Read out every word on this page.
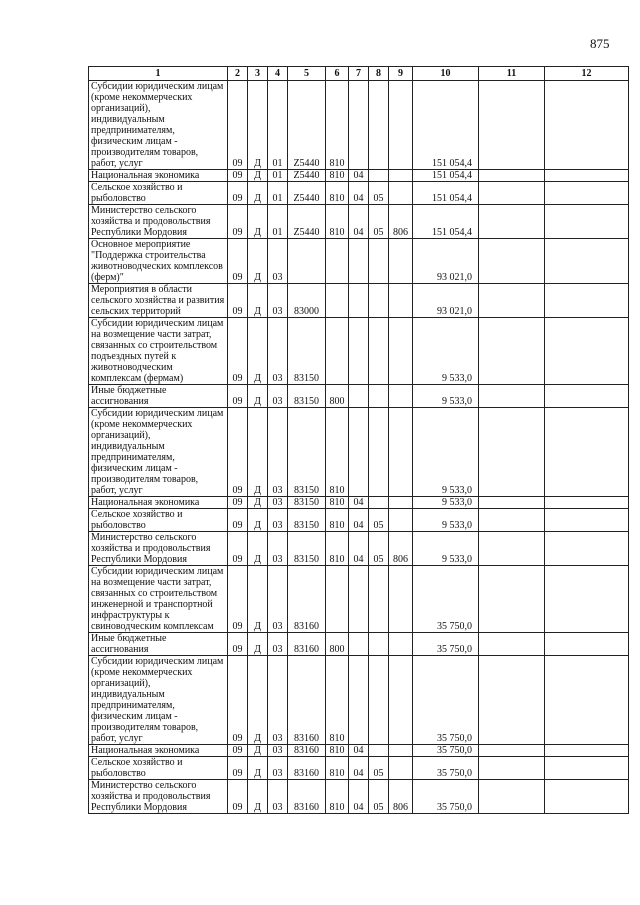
875
1	2	3	4	5	6	7	8	9	10	11	12
Субсидии юридическим лицам (кроме некоммерческих организаций), индивидуальным предпринимателям, физическим лицам - производителям товаров, работ, услуг	09	Д	01	Z5440	810				151 054,4		
Национальная экономика	09	Д	01	Z5440	810	04			151 054,4		
Сельское хозяйство и рыболовство	09	Д	01	Z5440	810	04	05		151 054,4		
Министерство сельского хозяйства и продовольствия Республики Мордовия	09	Д	01	Z5440	810	04	05	806	151 054,4		
Основное мероприятие "Поддержка строительства животноводческих комплексов (ферм)"	09	Д	03						93 021,0		
Мероприятия в области сельского хозяйства и развития сельских территорий	09	Д	03	83000					93 021,0		
Субсидии юридическим лицам на возмещение части затрат, связанных со строительством подъездных путей к животноводческим комплексам (фермам)	09	Д	03	83150					9 533,0		
Иные бюджетные ассигнования	09	Д	03	83150	800				9 533,0		
Субсидии юридическим лицам (кроме некоммерческих организаций), индивидуальным предпринимателям, физическим лицам - производителям товаров, работ, услуг	09	Д	03	83150	810				9 533,0		
Национальная экономика	09	Д	03	83150	810	04			9 533,0		
Сельское хозяйство и рыболовство	09	Д	03	83150	810	04	05		9 533,0		
Министерство сельского хозяйства и продовольствия Республики Мордовия	09	Д	03	83150	810	04	05	806	9 533,0		
Субсидии юридическим лицам на возмещение части затрат, связанных со строительством инженерной и транспортной инфраструктуры к свиноводческим комплексам	09	Д	03	83160					35 750,0		
Иные бюджетные ассигнования	09	Д	03	83160	800				35 750,0		
Субсидии юридическим лицам (кроме некоммерческих организаций), индивидуальным предпринимателям, физическим лицам - производителям товаров, работ, услуг	09	Д	03	83160	810				35 750,0		
Национальная экономика	09	Д	03	83160	810	04			35 750,0		
Сельское хозяйство и рыболовство	09	Д	03	83160	810	04	05		35 750,0		
Министерство сельского хозяйства и продовольствия Республики Мордовия	09	Д	03	83160	810	04	05	806	35 750,0		
